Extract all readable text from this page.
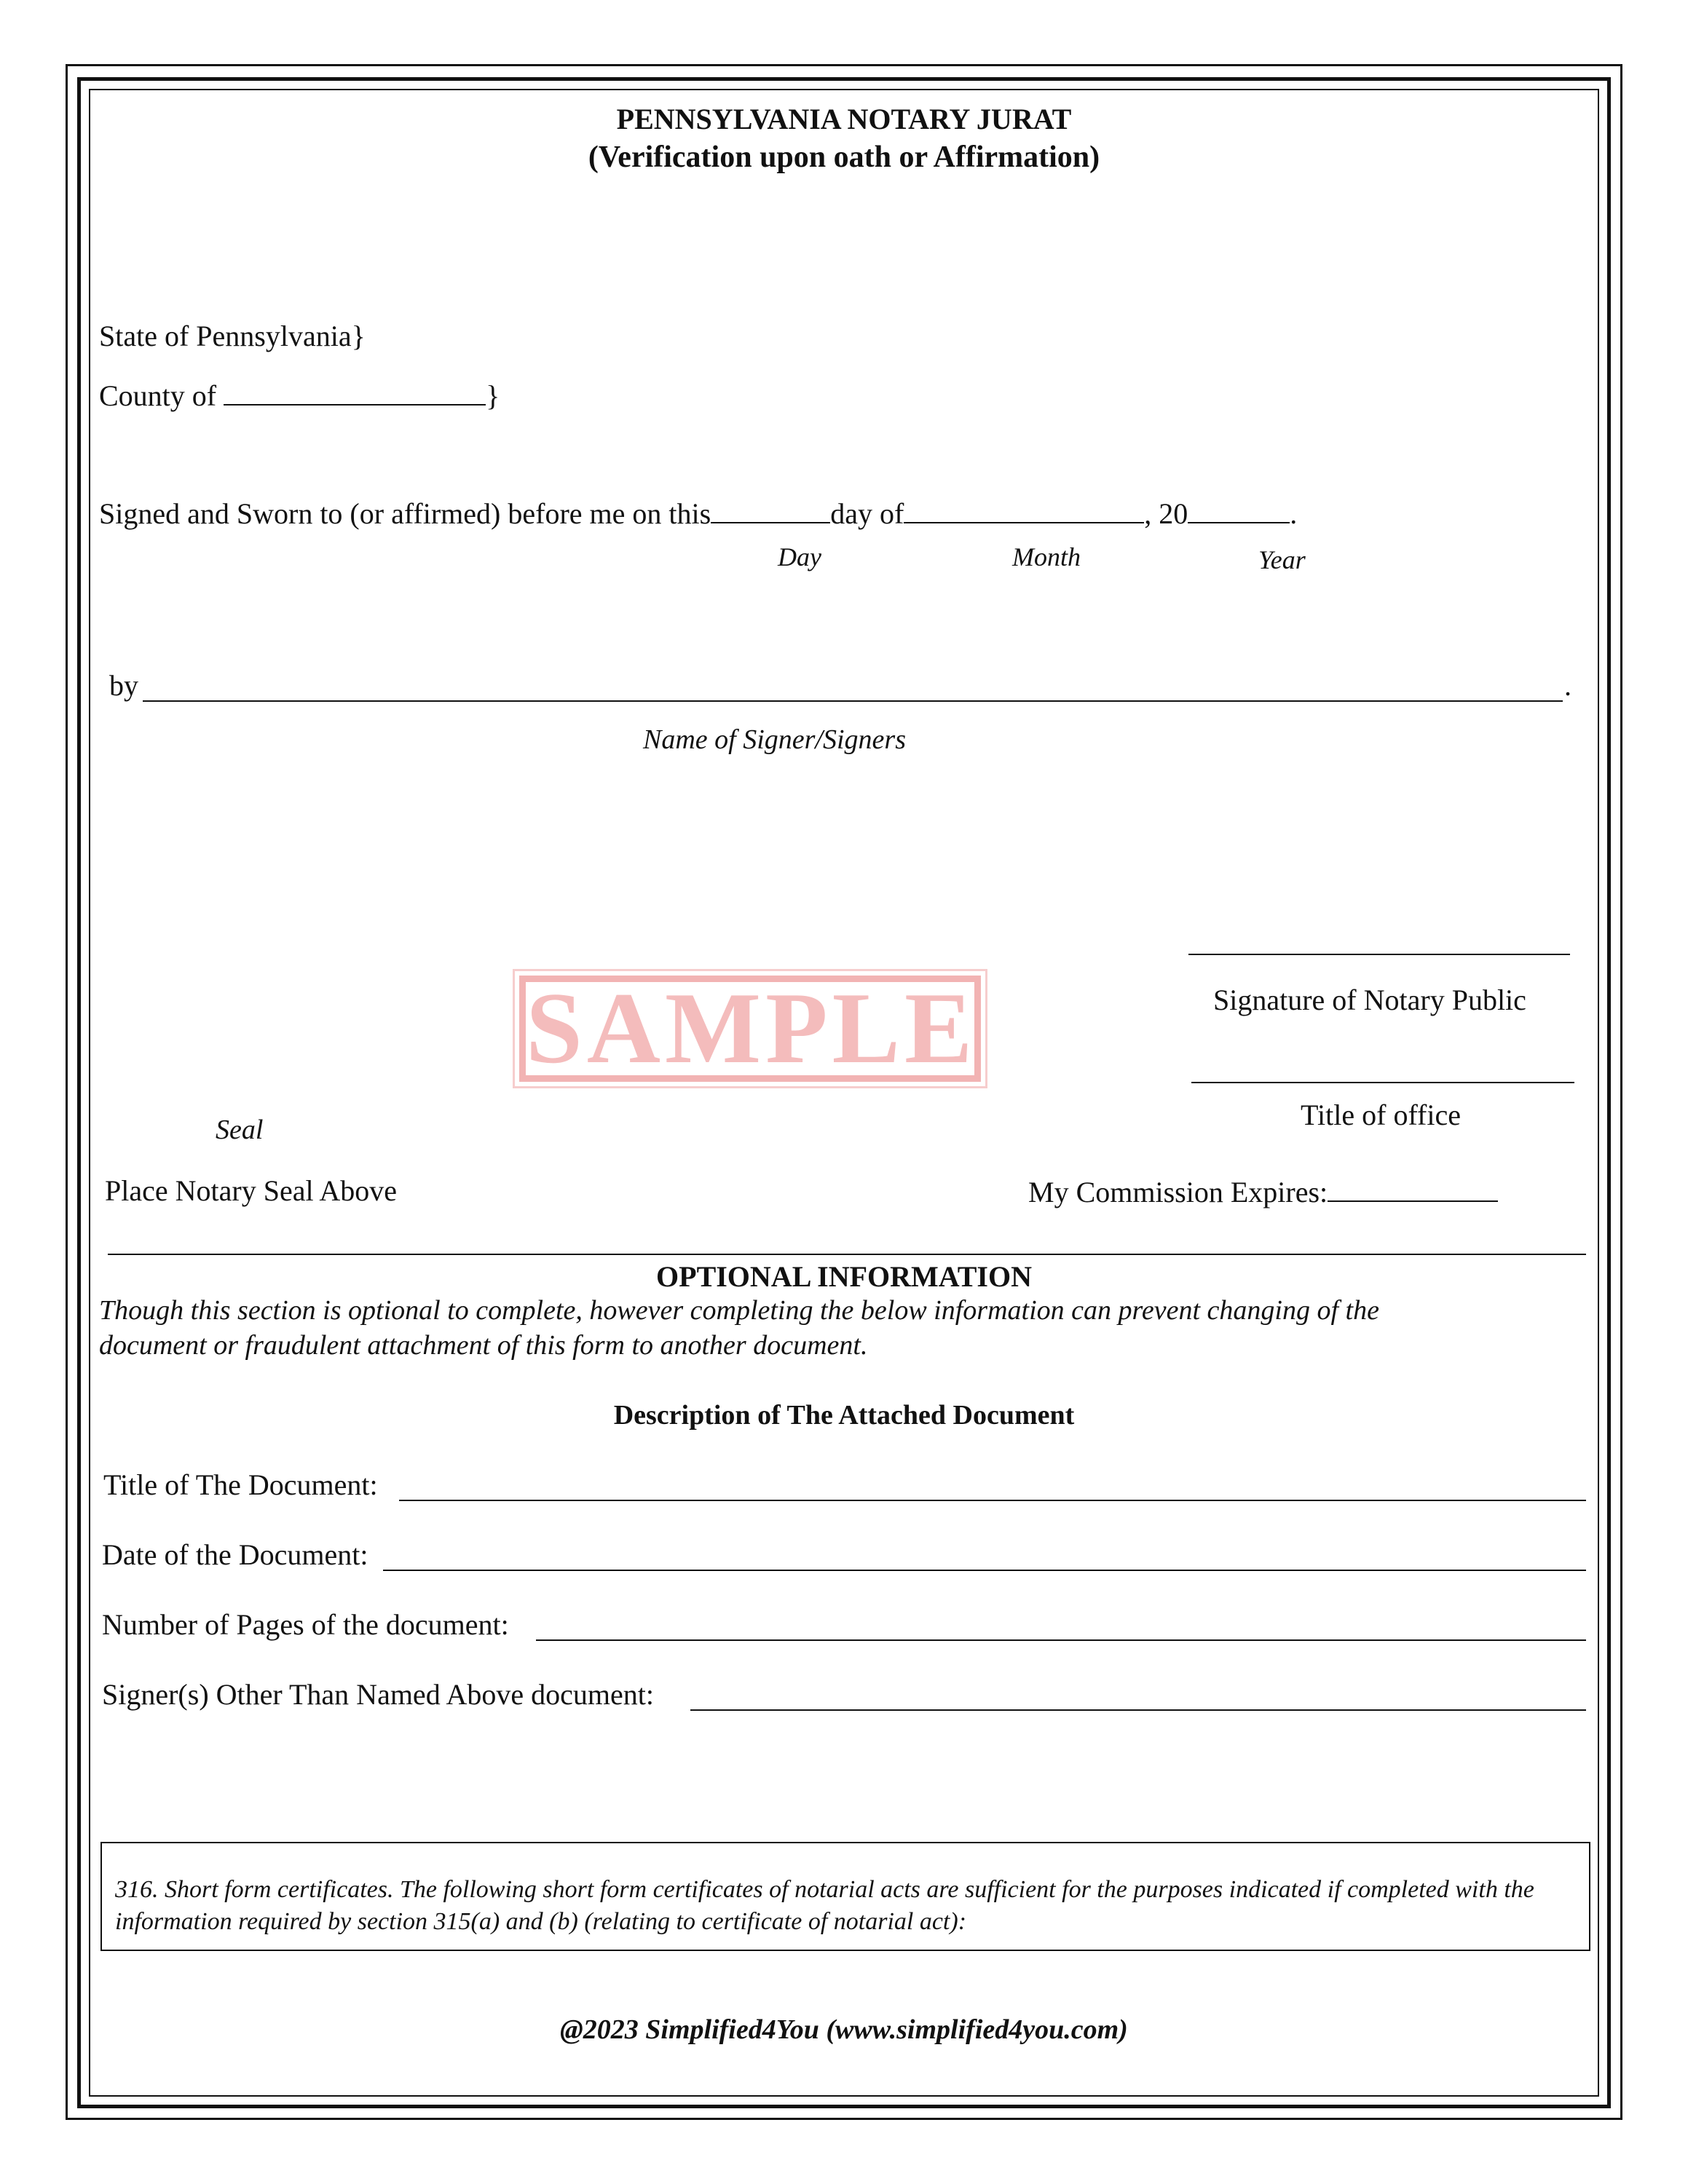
PENNSYLVANIA NOTARY JURAT
(Verification upon oath or Affirmation)
State of Pennsylvania}
County of	}
Signed and Sworn to (or affirmed) before me on this	day of	, 20	.
Day	Month	Year
by	.
Name of Signer/Signers
SAMPLE	Signature of Notary Public
Title of office
Seal
Place Notary Seal Above	My Commission Expires:
OPTIONAL INFORMATION
Though this section is optional to complete, however completing the below information can prevent changing of the
document or fraudulent attachment of this form to another document.
Description of The Attached Document
Title of The Document:
Date of the Document:
Number of Pages of the document:
Signer(s) Other Than Named Above document:
316. Short form certificates. The following short form certificates of notarial acts are sufficient for the purposes indicated if completed with the information required by section 315(a) and (b) (relating to certificate of notarial act):
@2023 Simplified4You (www.simplified4you.com)
